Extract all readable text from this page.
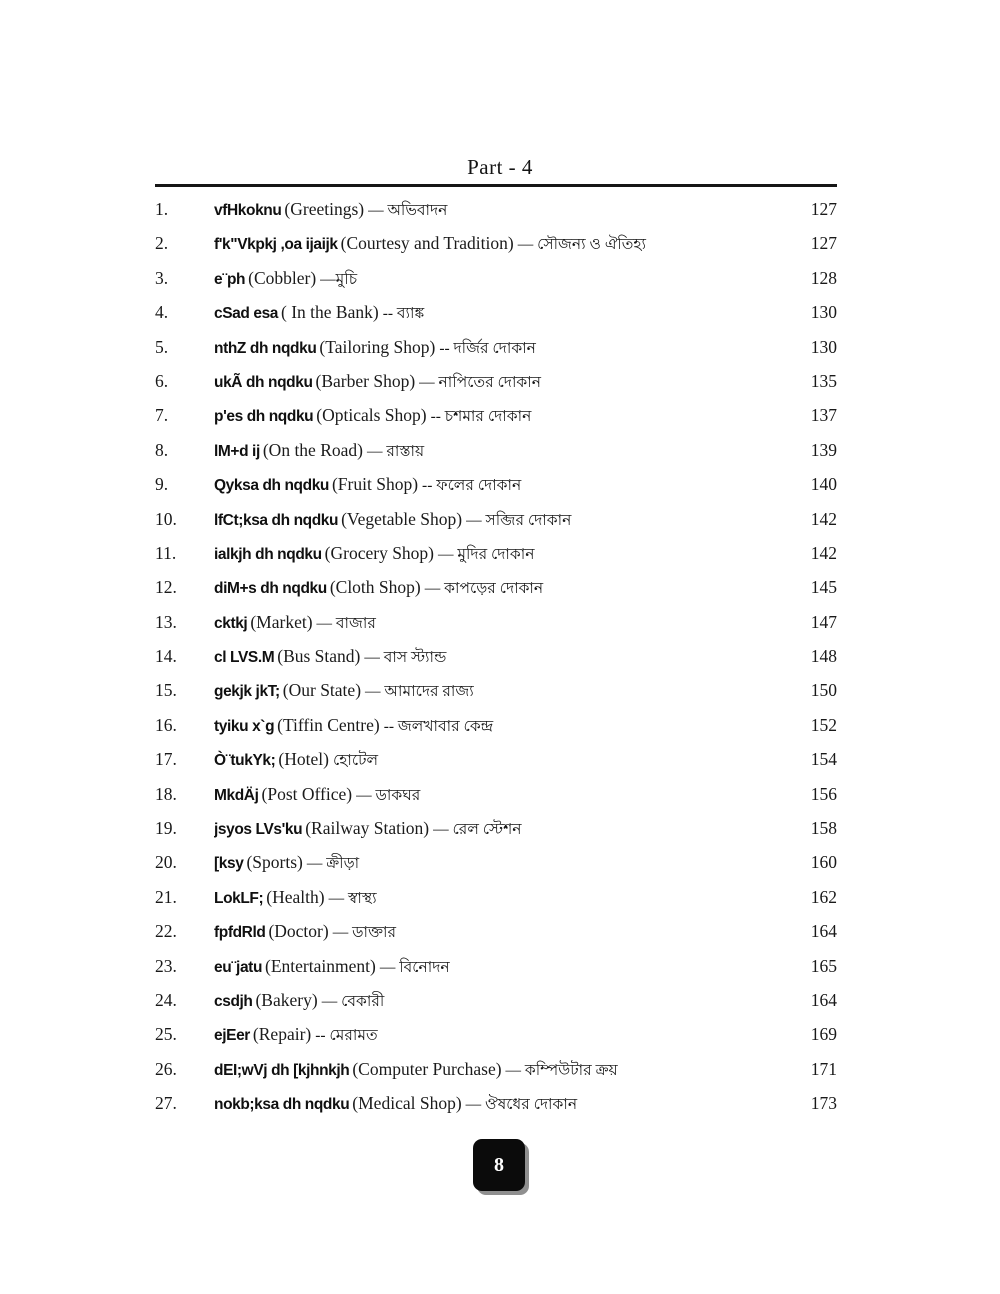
Part - 4
1.	vfHkoknu (Greetings) — অভিবাদন	127
2.	f'k"Vkpkj ,oa ijaijk (Courtesy and Tradition) — সৌজন্য ও ঐতিহ্য	127
3.	e¨ph (Cobbler) —মুচি	128
4.	cSad esa ( In the Bank) -- ব্যাঙ্ক	130
5.	nthZ dh nqdku (Tailoring Shop) -- দর্জির দোকান	130
6.	ukÃ dh nqdku (Barber Shop) — নাপিতের দোকান	135
7.	p'es dh nqdku (Opticals Shop) -- চশমার দোকান	137
8.	lM+d ij (On the Road) — রাস্তায়	139
9.	Qyksa dh nqdku (Fruit Shop) -- ফলের দোকান	140
10.	lfCt;ksa dh nqdku (Vegetable Shop) — সব্জির দোকান	142
11.	ialkjh dh nqdku (Grocery Shop) — মুদির দোকান	142
12.	diM+s dh nqdku (Cloth Shop) — কাপড়ের দোকান	145
13.	cktkj (Market) — বাজার	147
14.	cl LVS.M (Bus Stand) — বাস স্ট্যান্ড	148
15.	gekjk jkT; (Our State) — আমাদের রাজ্য	150
16.	tyiku x`g (Tiffin Centre) -- জলখাবার কেন্দ্র	152
17.	Ò¨tukYk; (Hotel) হোটেল	154
18.	MkdÄj (Post Office) — ডাকঘর	156
19.	jsyos LVs'ku (Railway Station) — রেল স্টেশন	158
20.	[ksy (Sports) — ক্রীড়া	160
21.	LokLF; (Health) — স্বাস্থ্য	162
22.	fpfdRld (Doctor) — ডাক্তার	164
23.	eu¨jatu (Entertainment) — বিনোদন	165
24.	csdjh (Bakery) — বেকারী	164
25.	ejEer (Repair) -- মেরামত	169
26.	dEI;wVj dh [kjhnkjh (Computer Purchase) — কম্পিউটার ক্রয়	171
27.	nokb;ksa dh nqdku (Medical Shop) — ঔষধের দোকান	173
8
